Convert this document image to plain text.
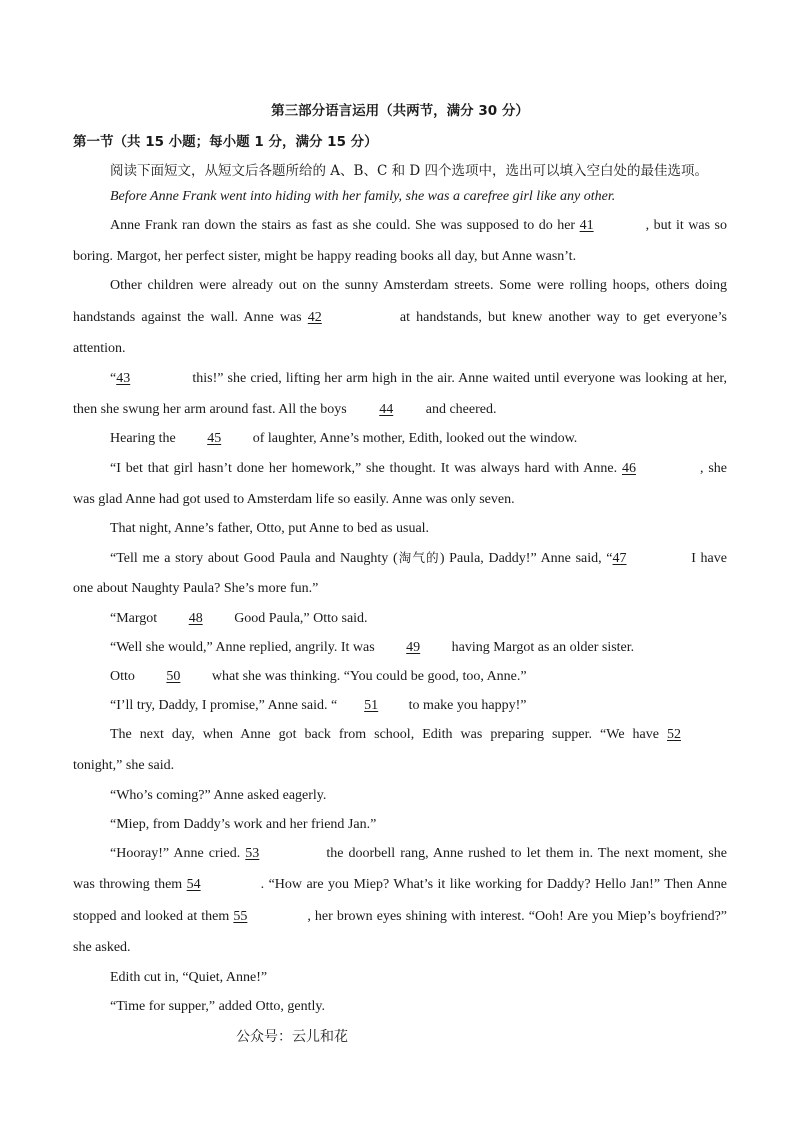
第三部分语言运用（共两节，满分 30 分）
第一节（共 15 小题；每小题 1 分，满分 15 分）
阅读下面短文，从短文后各题所给的 A、B、C 和 D 四个选项中，选出可以填入空白处的最佳选项。
Before Anne Frank went into hiding with her family, she was a carefree girl like any other.
Anne Frank ran down the stairs as fast as she could. She was supposed to do her 41	, but it was so
boring. Margot, her perfect sister, might be happy reading books all day, but Anne wasn’t.
Other children were already out on the sunny Amsterdam streets. Some were rolling hoops, others doing
handstands against the wall. Anne was 42	at handstands, but knew another way to get everyone’s
attention.
“43	this!” she cried, lifting her arm high in the air. Anne waited until everyone was looking at her,
then she swung her arm around fast. All the boys 44 and cheered.
Hearing the 45 of laughter, Anne’s mother, Edith, looked out the window.
“I bet that girl hasn’t done her homework,” she thought. It was always hard with Anne. 46	, she
was glad Anne had got used to Amsterdam life so easily. Anne was only seven.
That night, Anne’s father, Otto, put Anne to bed as usual.
“Tell me a story about Good Paula and Naughty (淘气的) Paula, Daddy!” Anne said, “47	I have
one about Naughty Paula? She’s more fun.”
“Margot 48 Good Paula,” Otto said.
“Well she would,” Anne replied, angrily. It was 49 having Margot as an older sister.
Otto 50 what she was thinking. “You could be good, too, Anne.”
“I’ll try, Daddy, I promise,” Anne said. “ 51 to make you happy!”
The next day, when Anne got back from school, Edith was preparing supper. “We have 52
tonight,” she said.
“Who’s coming?” Anne asked eagerly.
“Miep, from Daddy’s work and her friend Jan.”
“Hooray!” Anne cried. 53	the doorbell rang, Anne rushed to let them in. The next moment, she
was throwing them 54	. “How are you Miep? What’s it like working for Daddy? Hello Jan!” Then Anne
stopped and looked at them 55	, her brown eyes shining with interest. “Ooh! Are you Miep’s boyfriend?”
she asked.
Edith cut in, “Quiet, Anne!”
“Time for supper,” added Otto, gently.
公众号：云儿和花
